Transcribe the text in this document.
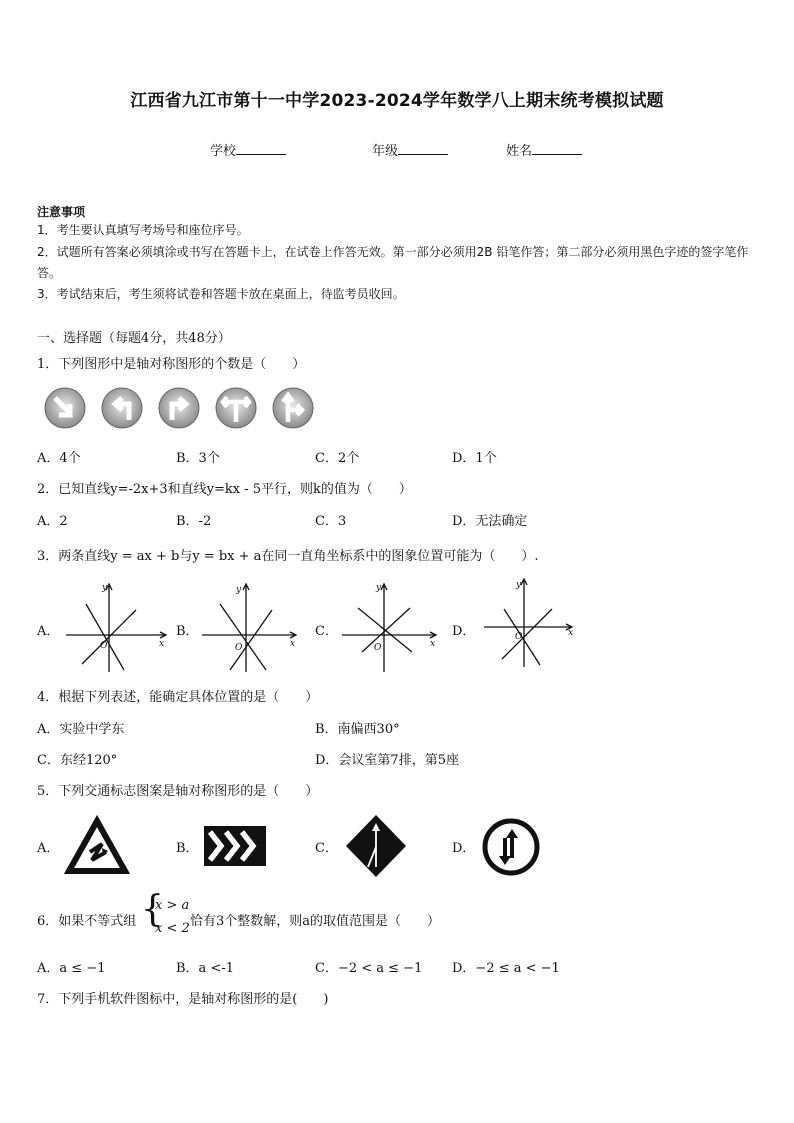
江西省九江市第十一中学2023-2024学年数学八上期末统考模拟试题
学校	年级	姓名
注意事项
1．考生要认真填写考场号和座位序号。
2．试题所有答案必须填涂或书写在答题卡上，在试卷上作答无效。第一部分必须用2B 铅笔作答；第二部分必须用黑色字迹的签字笔作答。
3．考试结束后，考生须将试卷和答题卡放在桌面上，待监考员收回。
一、选择题（每题4分，共48分）
1．下列图形中是轴对称图形的个数是（　　）
A．4个	B．3个	C．2个	D．1个
2．已知直线y=-2x+3和直线y=kx - 5平行，则k的值为（　　）
A．2	B．-2	C．3	D．无法确定
3．两条直线y = ax + b与y = bx + a在同一直角坐标系中的图象位置可能为（　　）.
A．	B．	C．	D．
x
y
O	x
y
O	x
y
O
x
y
O
4．根据下列表述，能确定具体位置的是（　　）
A．实验中学东	B．南偏西30°
C．东经120°	D．会议室第7排，第5座
5．下列交通标志图案是轴对称图形的是（　　）
A．	B．	C．	D．
6．如果不等式组 {
x > a
x < 2 恰有3个整数解，则a的取值范围是（　　）
A．a ≤ −1	B．a <-1	C．−2 < a ≤ −1 D．−2 ≤ a < −1
7．下列手机软件图标中，是轴对称图形的是(　　)
